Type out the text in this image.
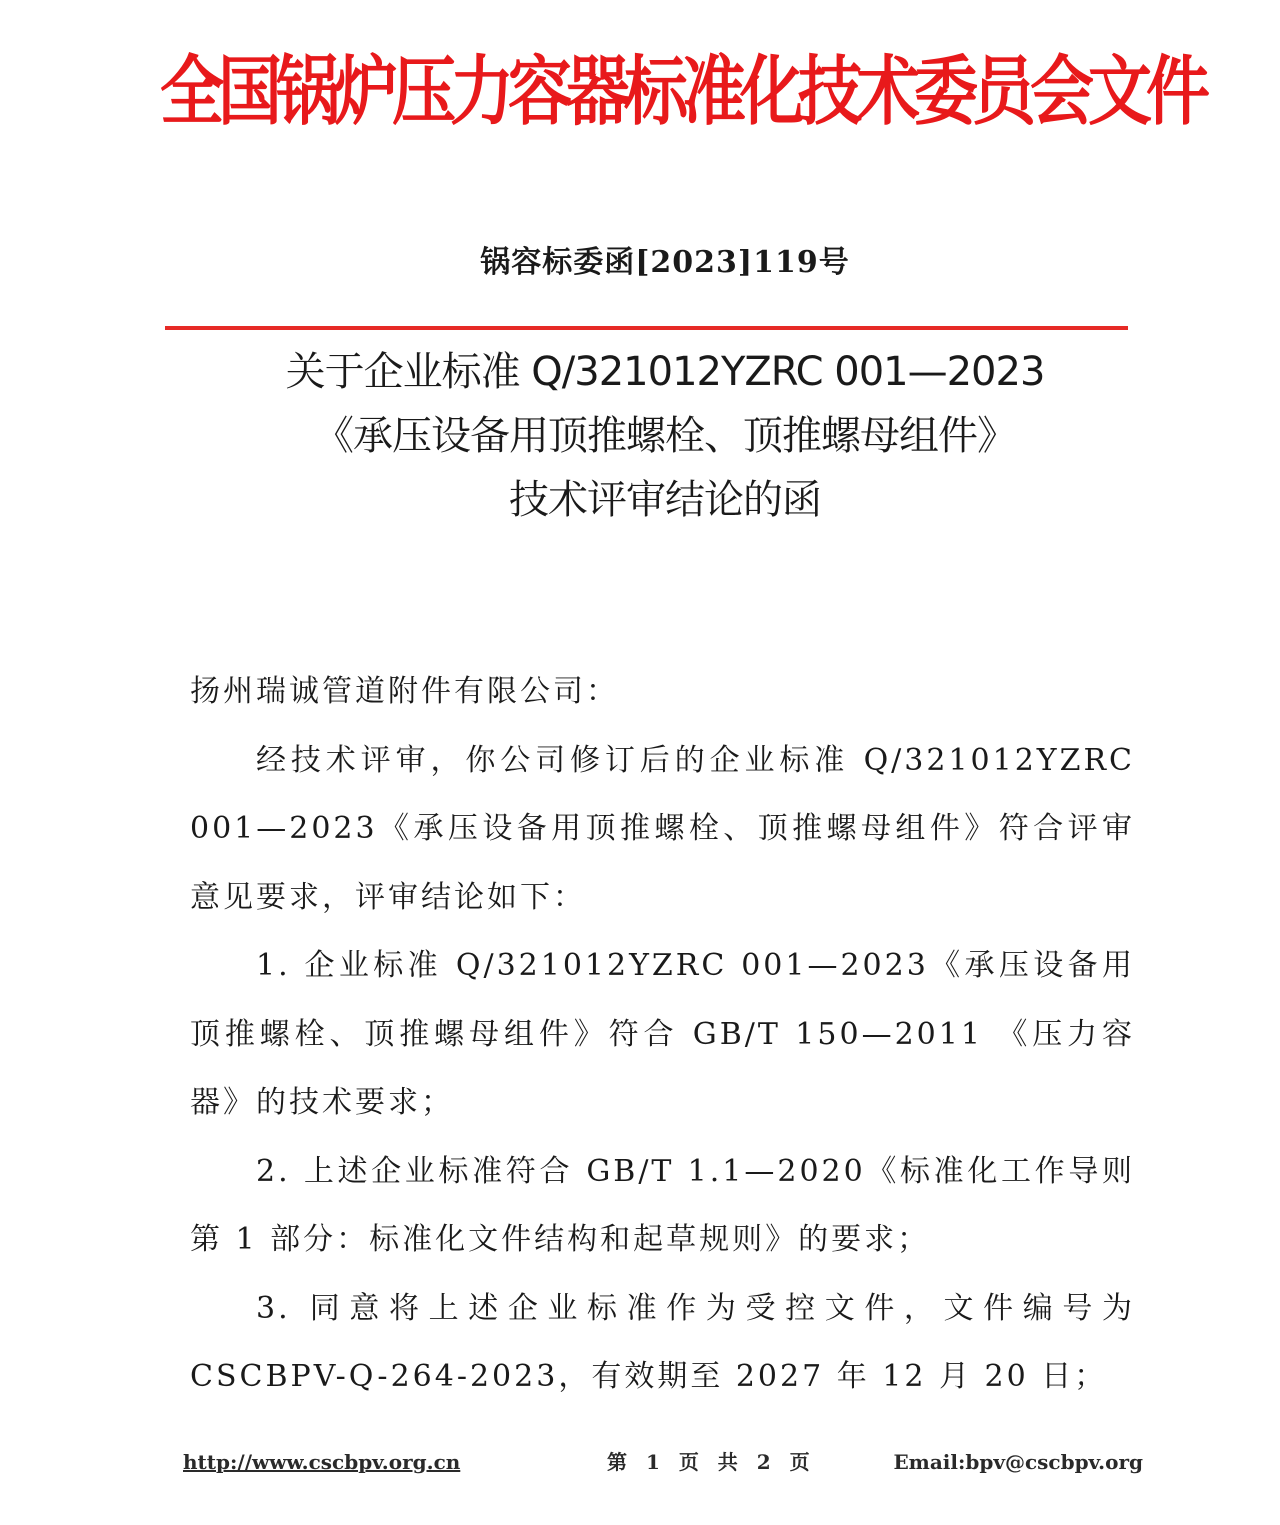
全国锅炉压力容器标准化技术委员会文件
锅容标委函[2023]119号
关于企业标准 Q/321012YZRC 001—2023
《承压设备用顶推螺栓、顶推螺母组件》
技术评审结论的函

扬州瑞诚管道附件有限公司：

经技术评审，你公司修订后的企业标准 Q/321012YZRC 001—2023《承压设备用顶推螺栓、顶推螺母组件》符合评审意见要求，评审结论如下：

1. 企业标准 Q/321012YZRC 001—2023《承压设备用顶推螺栓、顶推螺母组件》符合 GB/T 150—2011 《压力容器》的技术要求；

2. 上述企业标准符合 GB/T 1.1—2020《标准化工作导则第 1 部分：标准化文件结构和起草规则》的要求；

3. 同意将上述企业标准作为受控文件，文件编号为 CSCBPV-Q-264-2023，有效期至 2027 年 12 月 20 日；

http://www.cscbpv.org.cn	第 1 页 共 2 页	Email:bpv@cscbpv.org
